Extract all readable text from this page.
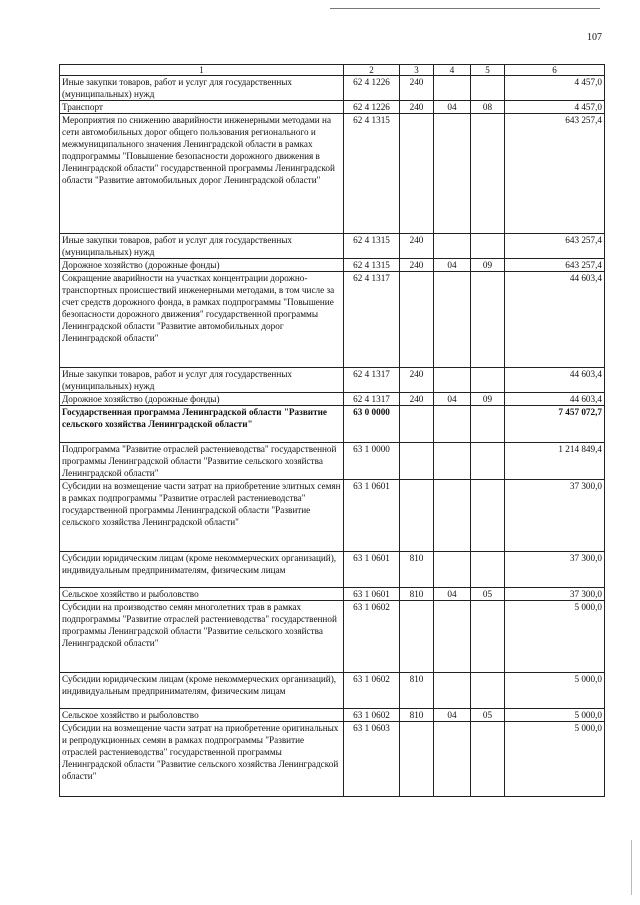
107
1	2	3	4	5	6
Иные закупки товаров, работ и услуг для государственных (муниципальных) нужд	62 4 1226	240			4 457,0
Транспорт	62 4 1226	240	04	08	4 457,0
Мероприятия по снижению аварийности инженерными методами на сети автомобильных дорог общего пользования регионального и межмуниципального значения Ленинградской области в рамках подпрограммы "Повышение безопасности дорожного движения в Ленинградской области" государственной программы Ленинградской области "Развитие автомобильных дорог Ленинградской области"	62 4 1315				643 257,4
Иные закупки товаров, работ и услуг для государственных (муниципальных) нужд	62 4 1315	240			643 257,4
Дорожное хозяйство (дорожные фонды)	62 4 1315	240	04	09	643 257,4
Сокращение аварийности на участках концентрации дорожно-транспортных происшествий инженерными методами, в том числе за счет средств дорожного фонда, в рамках подпрограммы "Повышение безопасности дорожного движения" государственной программы Ленинградской области "Развитие автомобильных дорог Ленинградской области"	62 4 1317				44 603,4
Иные закупки товаров, работ и услуг для государственных (муниципальных) нужд	62 4 1317	240			44 603,4
Дорожное хозяйство (дорожные фонды)	62 4 1317	240	04	09	44 603,4
Государственная программа Ленинградской области "Развитие сельского хозяйства Ленинградской области"	63 0 0000				7 457 072,7
Подпрограмма "Развитие отраслей растениеводства" государственной программы Ленинградской области "Развитие сельского хозяйства Ленинградской области"	63 1 0000				1 214 849,4
Субсидии на возмещение части затрат на приобретение элитных семян в рамках подпрограммы "Развитие отраслей растениеводства" государственной программы Ленинградской области "Развитие сельского хозяйства Ленинградской области"	63 1 0601				37 300,0
Субсидии юридическим лицам (кроме некоммерческих организаций), индивидуальным предпринимателям, физическим лицам	63 1 0601	810			37 300,0
Сельское хозяйство и рыболовство	63 1 0601	810	04	05	37 300,0
Субсидии на производство семян многолетних трав в рамках подпрограммы "Развитие отраслей растениеводства" государственной программы Ленинградской области "Развитие сельского хозяйства Ленинградской области"	63 1 0602				5 000,0
Субсидии юридическим лицам (кроме некоммерческих организаций), индивидуальным предпринимателям, физическим лицам	63 1 0602	810			5 000,0
Сельское хозяйство и рыболовство	63 1 0602	810	04	05	5 000,0
Субсидии на возмещение части затрат на приобретение оригинальных и репродукционных семян в рамках подпрограммы "Развитие отраслей растениеводства" государственной программы Ленинградской области "Развитие сельского хозяйства Ленинградской области"	63 1 0603				5 000,0
